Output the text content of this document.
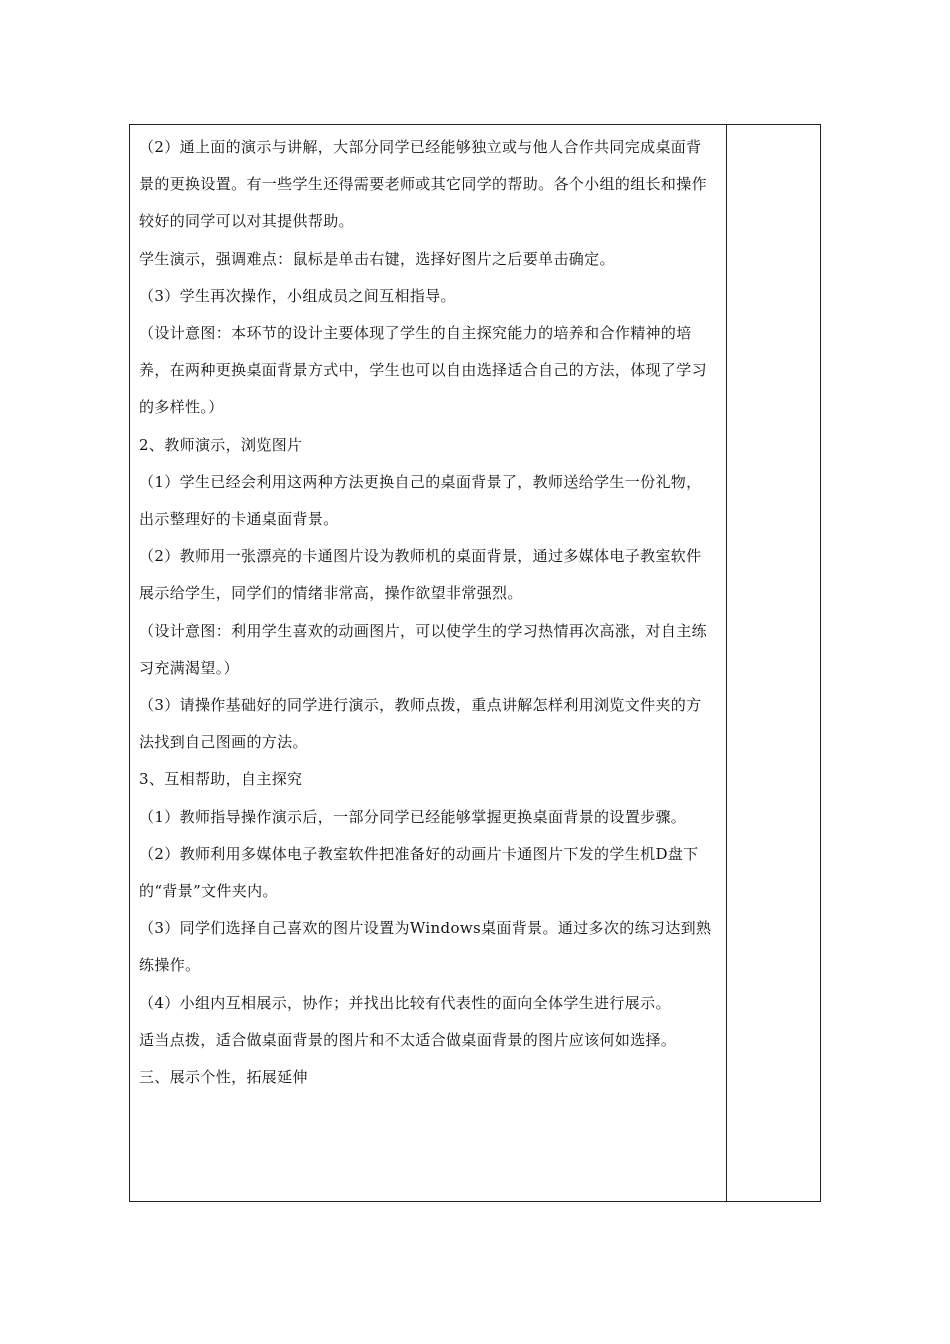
（2）通上面的演示与讲解，大部分同学已经能够独立或与他人合作共同完成桌面背景的更换设置。有一些学生还得需要老师或其它同学的帮助。各个小组的组长和操作较好的同学可以对其提供帮助。

学生演示，强调难点：鼠标是单击右键，选择好图片之后要单击确定。

（3）学生再次操作，小组成员之间互相指导。

（设计意图：本环节的设计主要体现了学生的自主探究能力的培养和合作精神的培养，在两种更换桌面背景方式中，学生也可以自由选择适合自己的方法，体现了学习的多样性。）

2、教师演示，浏览图片

（1）学生已经会利用这两种方法更换自己的桌面背景了，教师送给学生一份礼物，出示整理好的卡通桌面背景。

（2）教师用一张漂亮的卡通图片设为教师机的桌面背景，通过多媒体电子教室软件展示给学生，同学们的情绪非常高，操作欲望非常强烈。

（设计意图：利用学生喜欢的动画图片，可以使学生的学习热情再次高涨，对自主练习充满渴望。）

（3）请操作基础好的同学进行演示，教师点拨，重点讲解怎样利用浏览文件夹的方法找到自己图画的方法。

3、互相帮助，自主探究

（1）教师指导操作演示后，一部分同学已经能够掌握更换桌面背景的设置步骤。

（2）教师利用多媒体电子教室软件把准备好的动画片卡通图片下发的学生机D盘下的“背景”文件夹内。

（3）同学们选择自己喜欢的图片设置为Windows桌面背景。通过多次的练习达到熟练操作。

（4）小组内互相展示，协作；并找出比较有代表性的面向全体学生进行展示。

适当点拨，适合做桌面背景的图片和不太适合做桌面背景的图片应该何如选择。

三、展示个性，拓展延伸
